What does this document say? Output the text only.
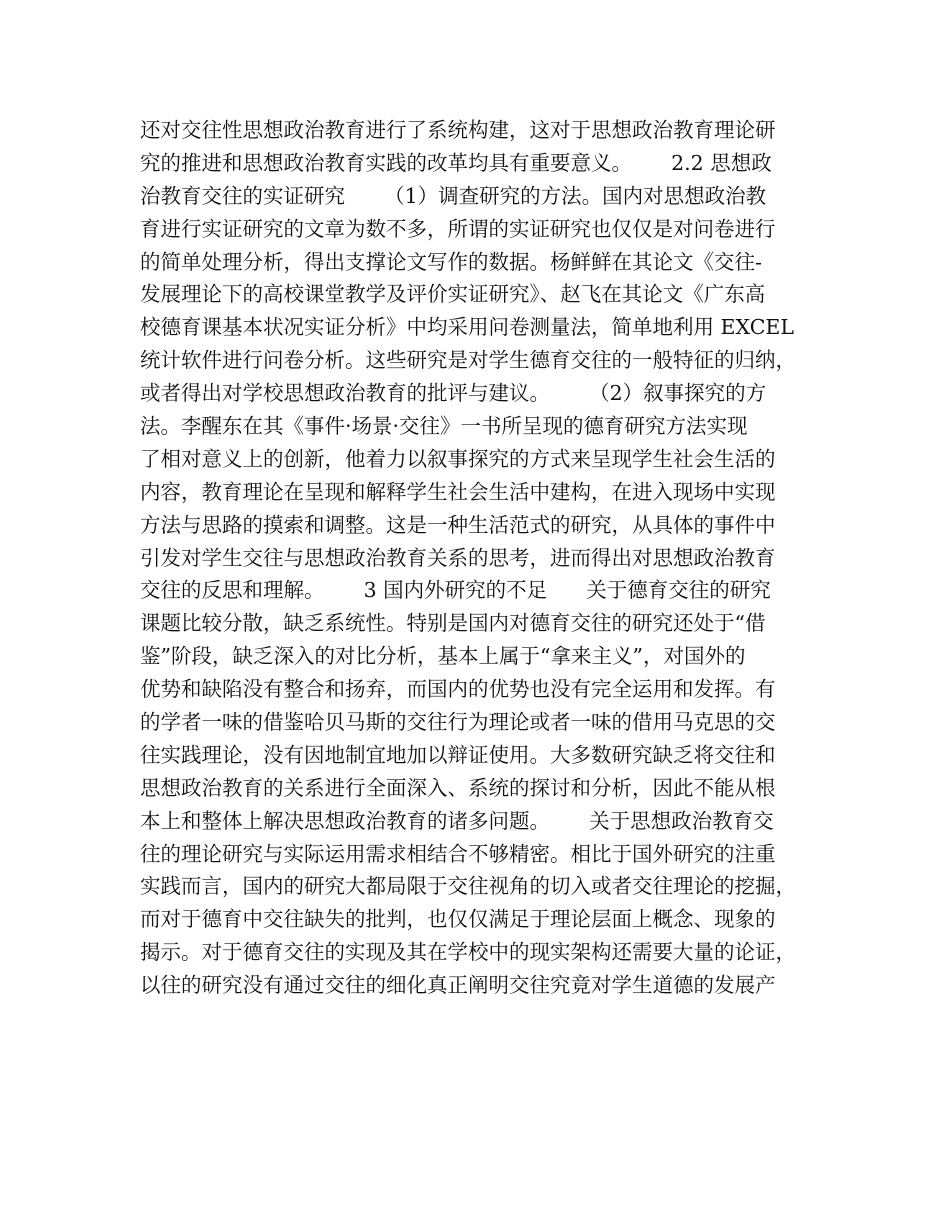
还对交往性思想政治教育进行了系统构建，这对于思想政治教育理论研
究的推进和思想政治教育实践的改革均具有重要意义。      2.2 思想政
治教育交往的实证研究      （1）调查研究的方法。国内对思想政治教
育进行实证研究的文章为数不多，所谓的实证研究也仅仅是对问卷进行
的简单处理分析，得出支撑论文写作的数据。杨鲜鲜在其论文《交往-
发展理论下的高校课堂教学及评价实证研究》、赵飞在其论文《广东高
校德育课基本状况实证分析》中均采用问卷测量法，简单地利用 EXCEL
统计软件进行问卷分析。这些研究是对学生德育交往的一般特征的归纳，
或者得出对学校思想政治教育的批评与建议。      （2）叙事探究的方
法。李醒东在其《事件·场景·交往》一书所呈现的德育研究方法实现
了相对意义上的创新，他着力以叙事探究的方式来呈现学生社会生活的
内容，教育理论在呈现和解释学生社会生活中建构，在进入现场中实现
方法与思路的摸索和调整。这是一种生活范式的研究，从具体的事件中
引发对学生交往与思想政治教育关系的思考，进而得出对思想政治教育
交往的反思和理解。      3 国内外研究的不足      关于德育交往的研究
课题比较分散，缺乏系统性。特别是国内对德育交往的研究还处于“借
鉴”阶段，缺乏深入的对比分析，基本上属于“拿来主义”，对国外的
优势和缺陷没有整合和扬弃，而国内的优势也没有完全运用和发挥。有
的学者一味的借鉴哈贝马斯的交往行为理论或者一味的借用马克思的交
往实践理论，没有因地制宜地加以辩证使用。大多数研究缺乏将交往和
思想政治教育的关系进行全面深入、系统的探讨和分析，因此不能从根
本上和整体上解决思想政治教育的诸多问题。      关于思想政治教育交
往的理论研究与实际运用需求相结合不够精密。相比于国外研究的注重
实践而言，国内的研究大都局限于交往视角的切入或者交往理论的挖掘，
而对于德育中交往缺失的批判，也仅仅满足于理论层面上概念、现象的
揭示。对于德育交往的实现及其在学校中的现实架构还需要大量的论证，
以往的研究没有通过交往的细化真正阐明交往究竟对学生道德的发展产
